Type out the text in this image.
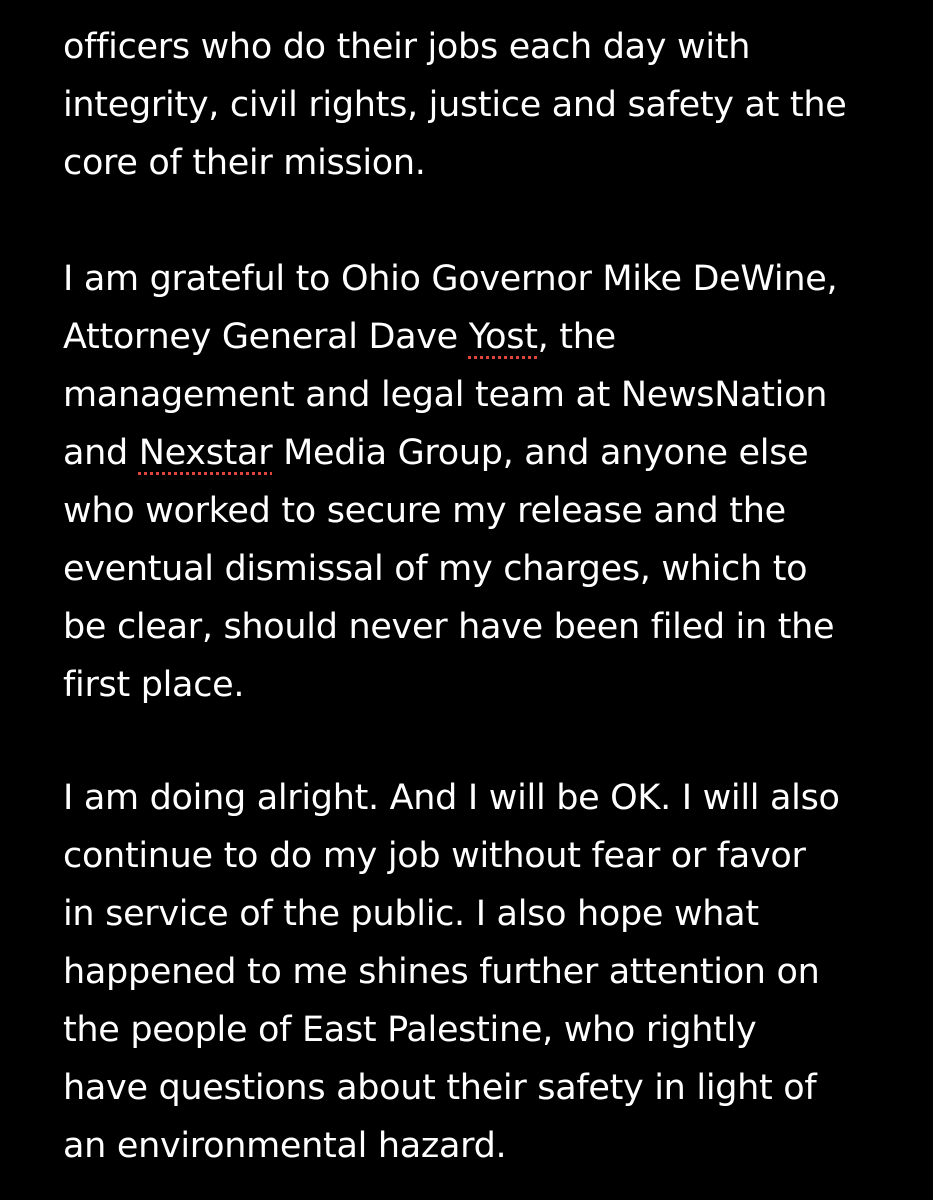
officers who do their jobs each day with
integrity, civil rights, justice and safety at the
core of their mission.
I am grateful to Ohio Governor Mike DeWine,
Attorney General Dave Yost, the
management and legal team at NewsNation
and Nexstar Media Group, and anyone else
who worked to secure my release and the
eventual dismissal of my charges, which to
be clear, should never have been filed in the
first place.
I am doing alright. And I will be OK. I will also
continue to do my job without fear or favor
in service of the public. I also hope what
happened to me shines further attention on
the people of East Palestine, who rightly
have questions about their safety in light of
an environmental hazard.
